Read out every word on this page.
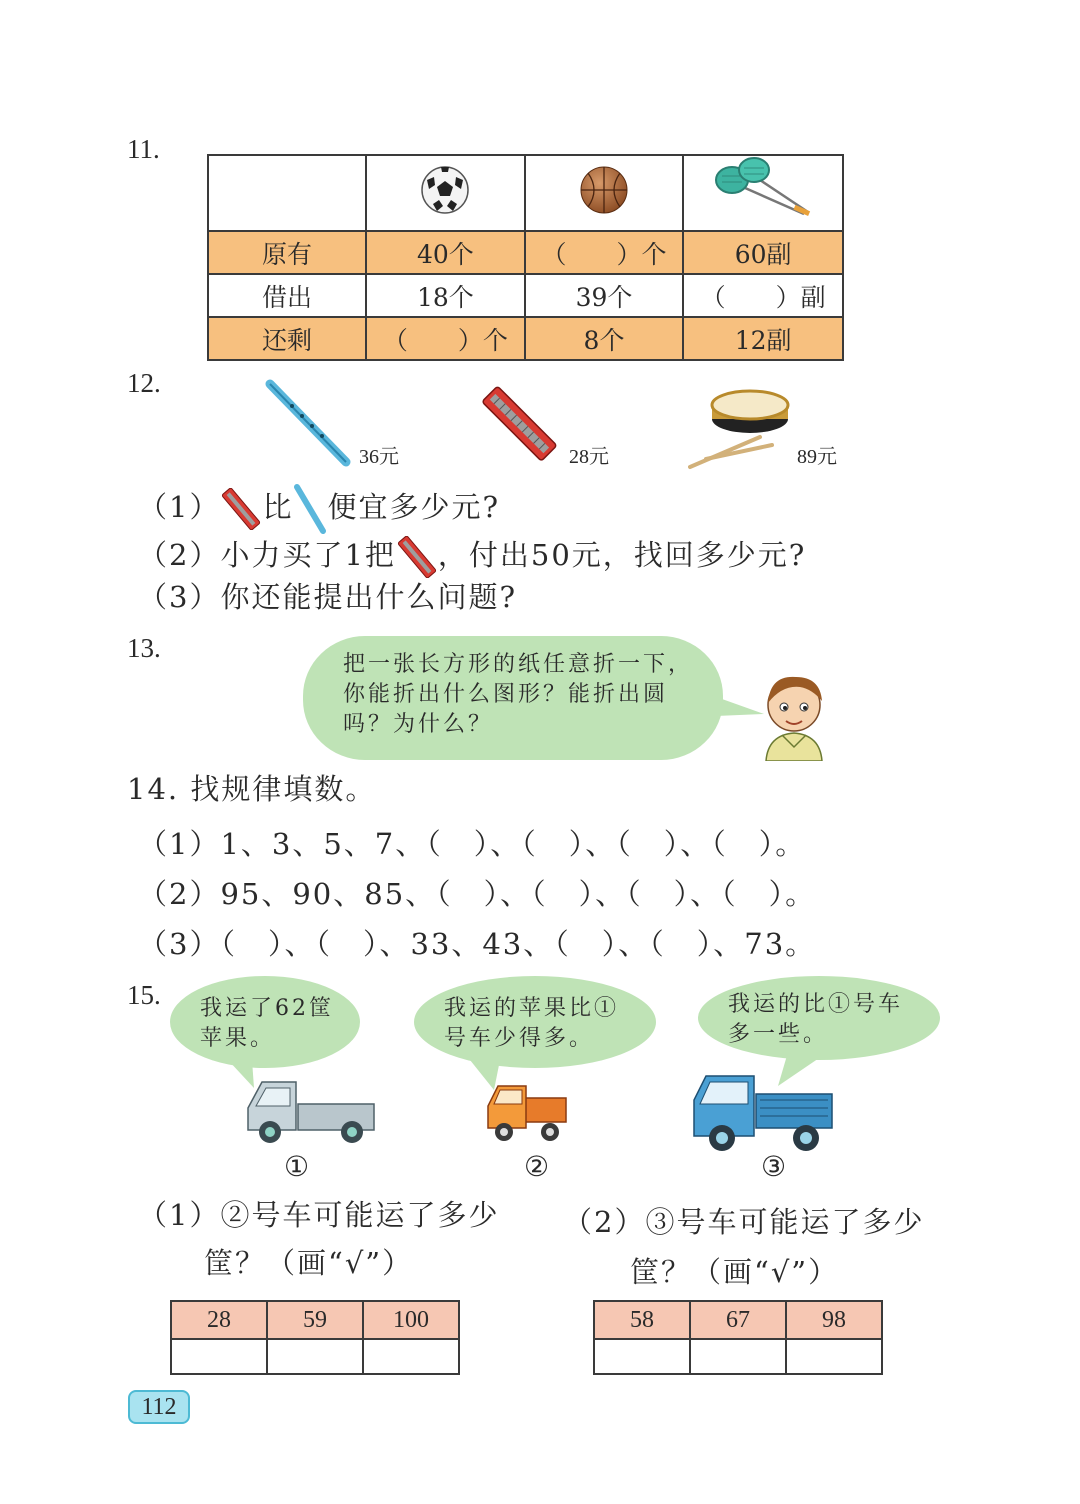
11.

原有	40个	（　　）个	60副
借出	18个	39个	（　　）副
还剩	（　　）个	8个	12副
12.
36元	28元	89元
（1） 比 便宜多少元?
（2）小力买了1把 ，付出50元，找回多少元?
（3）你还能提出什么问题?
13.
把一张长方形的纸任意折一下，
你能折出什么图形？能折出圆
吗？为什么？
14. 找规律填数。
（1）1、3、5、7、（　）、（　）、（　）、（　）。
（2）95、90、85、（　）、（　）、（　）、（　）。
（3）（　）、（　）、33、43、（　）、（　）、73。
15. 我运了62筐
苹果。
我运的苹果比①
号车少得多。
我运的比①号车
多一些。
①	②	③
（1）②号车可能运了多少
筐？（画“√”）
（2）③号车可能运了多少
筐？（画“√”）
28	59	100
			58	67	98

112
